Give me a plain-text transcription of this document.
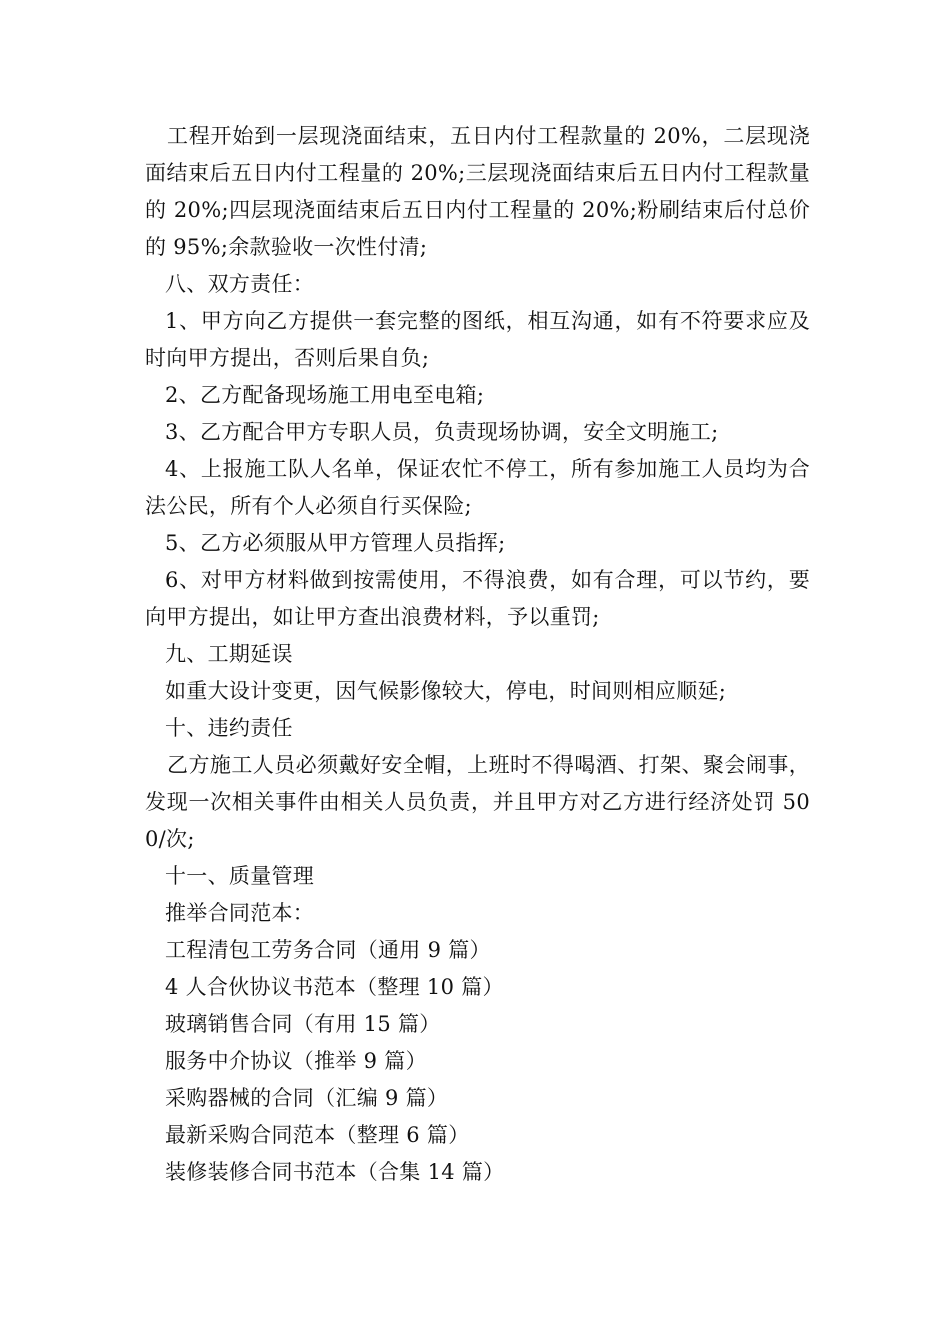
工程开始到一层现浇面结束，五日内付工程款量的 20%，二层现浇面结束后五日内付工程量的 20%;三层现浇面结束后五日内付工程款量的 20%;四层现浇面结束后五日内付工程量的 20%;粉刷结束后付总价的 95%;余款验收一次性付清;

八、双方责任：

1、甲方向乙方提供一套完整的图纸，相互沟通，如有不符要求应及时向甲方提出，否则后果自负;

2、乙方配备现场施工用电至电箱;

3、乙方配合甲方专职人员，负责现场协调，安全文明施工;

4、上报施工队人名单，保证农忙不停工，所有参加施工人员均为合法公民，所有个人必须自行买保险;

5、乙方必须服从甲方管理人员指挥;

6、对甲方材料做到按需使用，不得浪费，如有合理，可以节约，要向甲方提出，如让甲方查出浪费材料，予以重罚;

九、工期延误

如重大设计变更，因气候影像较大，停电，时间则相应顺延;

十、违约责任

乙方施工人员必须戴好安全帽，上班时不得喝酒、打架、聚会闹事，发现一次相关事件由相关人员负责，并且甲方对乙方进行经济处罚 500/次;

十一、质量管理

推举合同范本：

工程清包工劳务合同（通用 9 篇）

4 人合伙协议书范本（整理 10 篇）

玻璃销售合同（有用 15 篇）

服务中介协议（推举 9 篇）

采购器械的合同（汇编 9 篇）

最新采购合同范本（整理 6 篇）

装修装修合同书范本（合集 14 篇）
